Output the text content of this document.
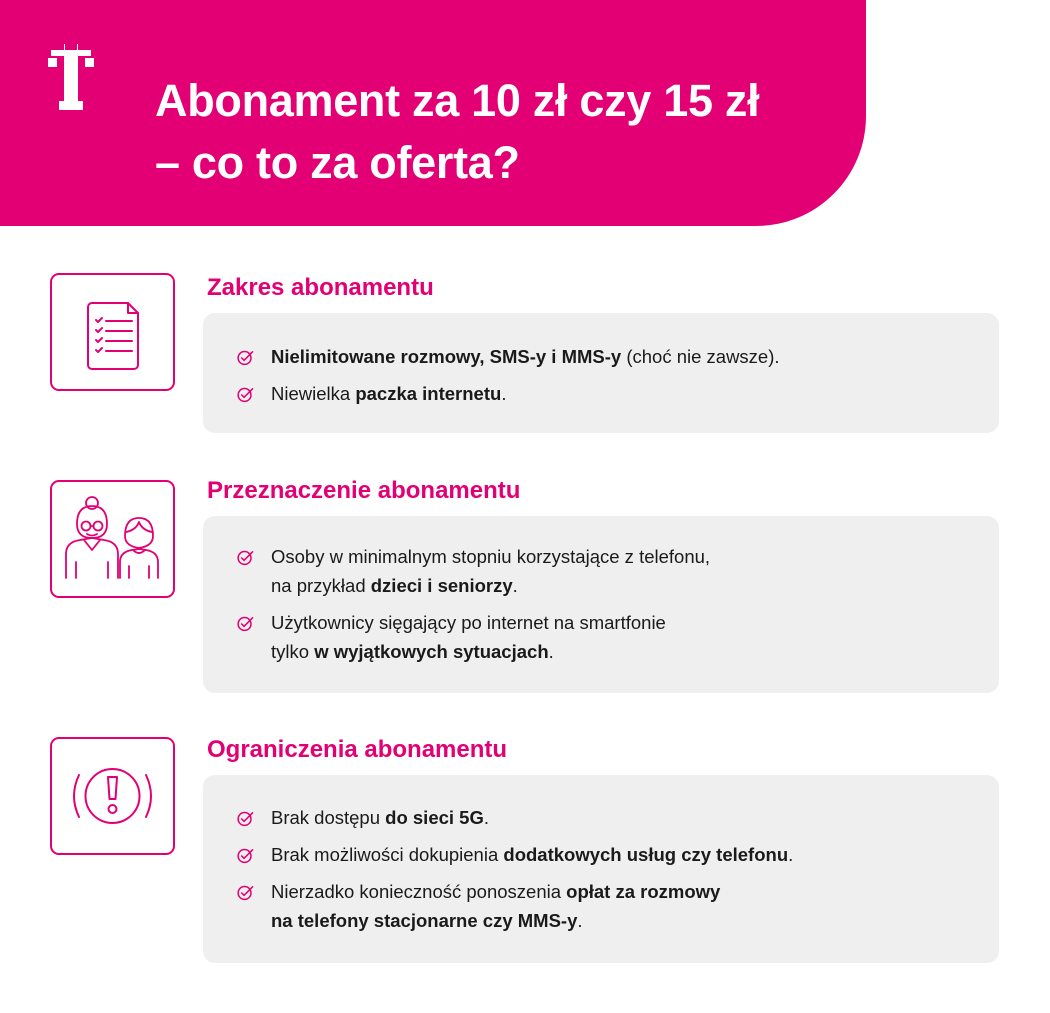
Abonament za 10 zł czy 15 zł
– co to za oferta?
Zakres abonamentu
Nielimitowane rozmowy, SMS-y i MMS-y (choć nie zawsze).
Niewielka paczka internetu.
Przeznaczenie abonamentu
Osoby w minimalnym stopniu korzystające z telefonu,
na przykład dzieci i seniorzy.
Użytkownicy sięgający po internet na smartfonie
tylko w wyjątkowych sytuacjach.
Ograniczenia abonamentu
Brak dostępu do sieci 5G.
Brak możliwości dokupienia dodatkowych usług czy telefonu.
Nierzadko konieczność ponoszenia opłat za rozmowy
na telefony stacjonarne czy MMS-y.
